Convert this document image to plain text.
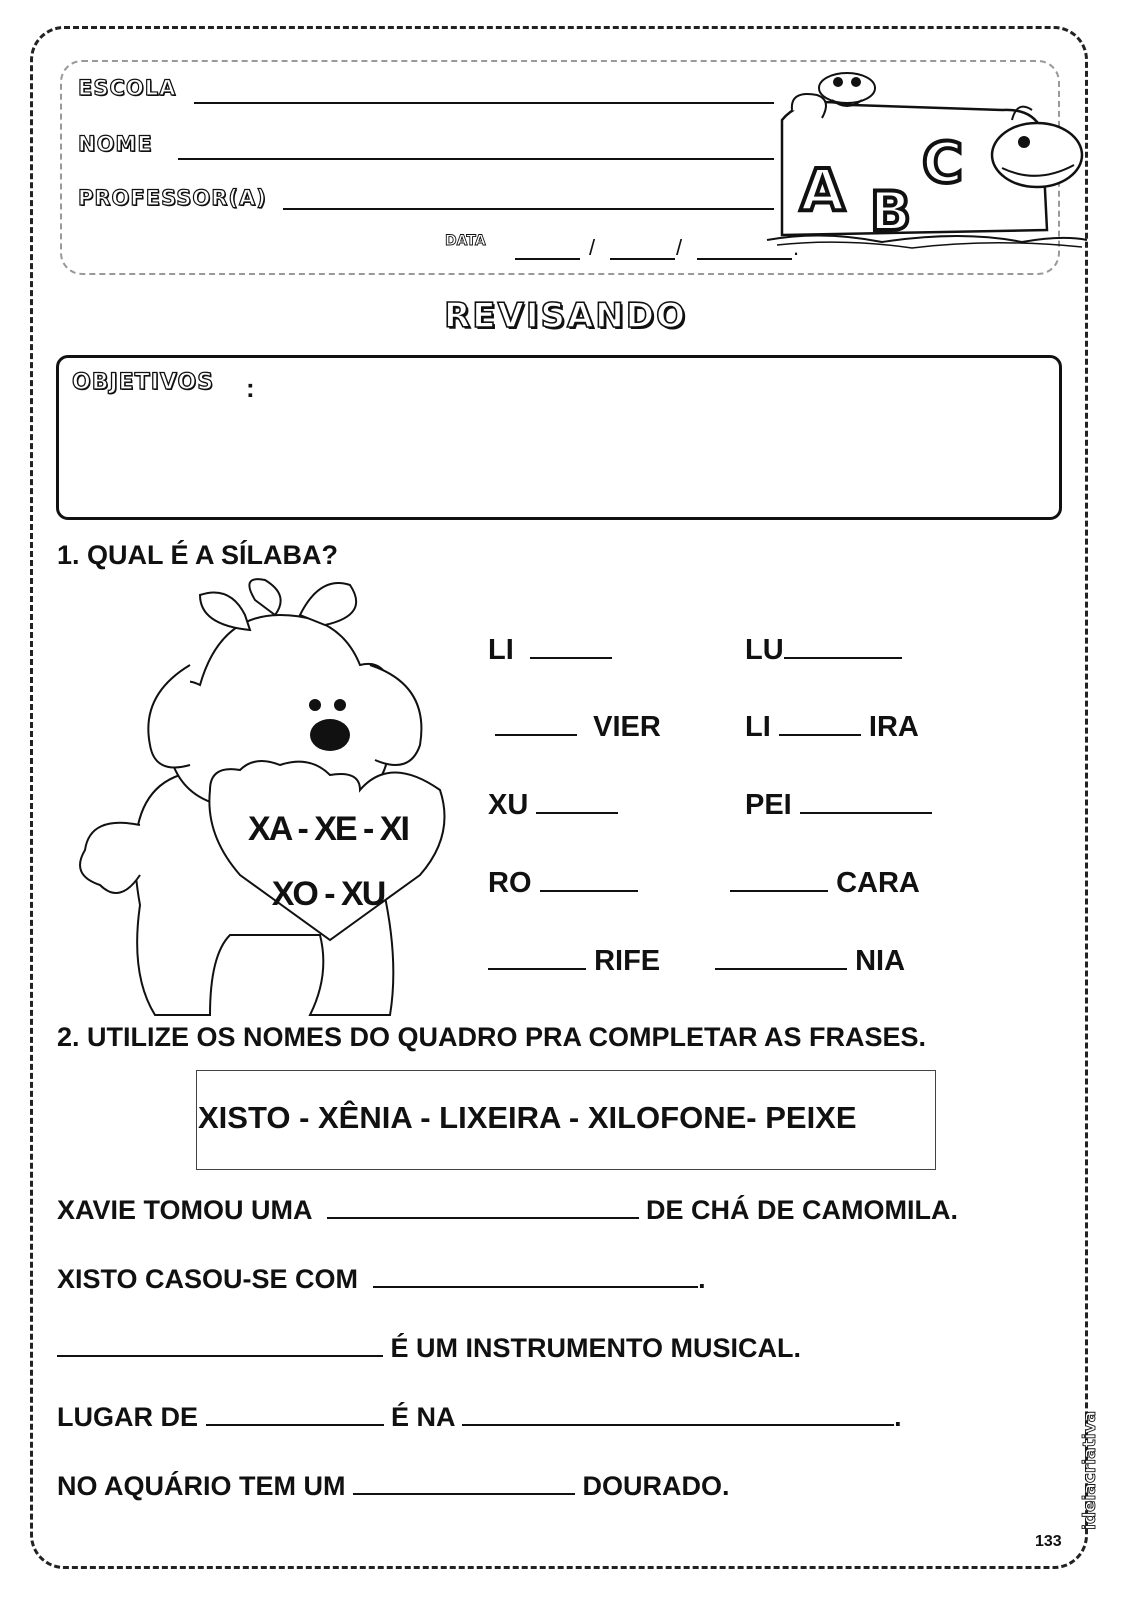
ESCOLA
NOME
PROFESSOR(A)
DATA	/	/	.
A B
C
REVISANDO
OBJETIVOS :
1. QUAL É A SÍLABA?
XA - XE - XI
XO - XU
LI	LU
VIER	LI	IRA
XU	PEI
RO	CARA
RIFE	NIA
2. UTILIZE OS NOMES DO QUADRO PRA COMPLETAR AS FRASES.
XISTO - XÊNIA - LIXEIRA - XILOFONE- PEIXE
XAVIE TOMOU UMA	DE CHÁ DE CAMOMILA.
XISTO CASOU-SE COM	.
É UM INSTRUMENTO MUSICAL.
LUGAR DE	É NA	.
NO AQUÁRIO TEM UM	DOURADO.	ideiacriativa
133
